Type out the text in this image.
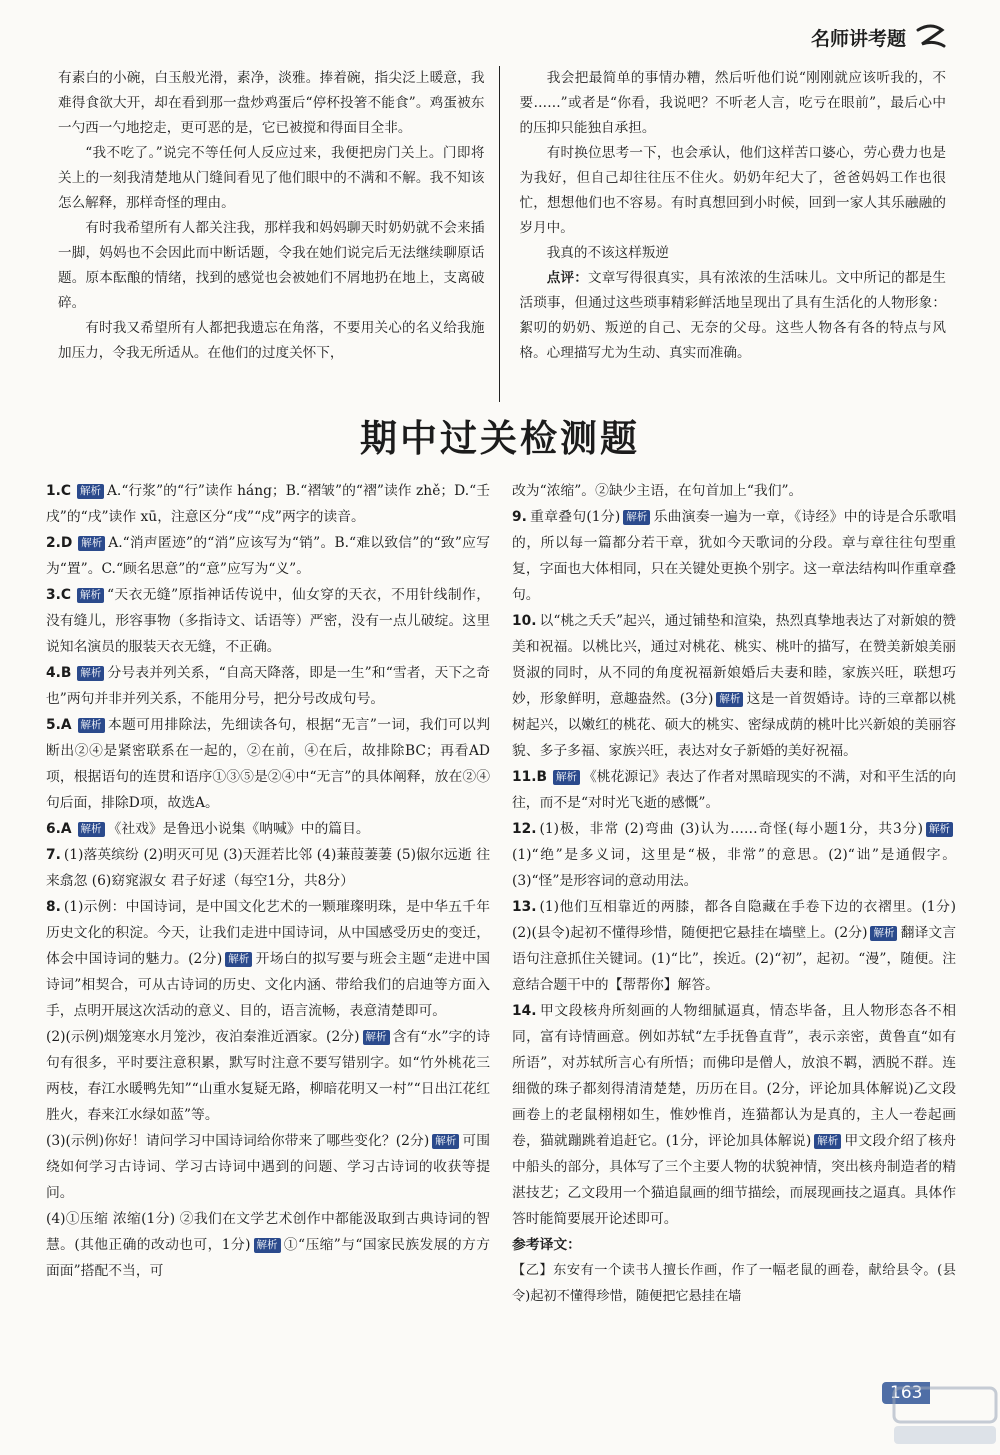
名师讲考题

有素白的小碗，白玉般光滑，素净，淡雅。捧着碗，指尖泛上暖意，我难得食欲大开，却在看到那一盘炒鸡蛋后“停杯投箸不能食”。鸡蛋被东一勺西一勺地挖走，更可恶的是，它已被搅和得面目全非。

“我不吃了。”说完不等任何人反应过来，我便把房门关上。门即将关上的一刻我清楚地从门缝间看见了他们眼中的不满和不解。我不知该怎么解释，那样奇怪的理由。

有时我希望所有人都关注我，那样我和妈妈聊天时奶奶就不会来插一脚，妈妈也不会因此而中断话题，令我在她们说完后无法继续聊原话题。原本酝酿的情绪，找到的感觉也会被她们不屑地扔在地上，支离破碎。

有时我又希望所有人都把我遗忘在角落，不要用关心的名义给我施加压力，令我无所适从。在他们的过度关怀下，

我会把最简单的事情办糟，然后听他们说“刚刚就应该听我的，不要……”或者是“你看，我说吧？不听老人言，吃亏在眼前”，最后心中的压抑只能独自承担。

有时换位思考一下，也会承认，他们这样苦口婆心，劳心费力也是为我好，但自己却往往压不住火。奶奶年纪大了，爸爸妈妈工作也很忙，想想他们也不容易。有时真想回到小时候，回到一家人其乐融融的岁月中。

我真的不该这样叛逆

点评：文章写得很真实，具有浓浓的生活味儿。文中所记的都是生活琐事，但通过这些琐事精彩鲜活地呈现出了具有生活化的人物形象：絮叨的奶奶、叛逆的自己、无奈的父母。这些人物各有各的特点与风格。心理描写尤为生动、真实而准确。

期中过关检测题

1.C 解析 A.“行浆”的“行”读作 háng；B.“褶皱”的“褶”读作 zhě；D.“壬戌”的“戌”读作 xū，注意区分“戌”“戍”两字的读音。

2.D 解析 A.“消声匿迹”的“消”应该写为“销”。B.“难以致信”的“致”应写为“置”。C.“顾名思意”的“意”应写为“义”。

3.C 解析 “天衣无缝”原指神话传说中，仙女穿的天衣，不用针线制作，没有缝儿，形容事物（多指诗文、话语等）严密，没有一点儿破绽。这里说知名演员的服装天衣无缝，不正确。

4.B 解析 分号表并列关系，“自高天降落，即是一生”和“雪者，天下之奇也”两句并非并列关系，不能用分号，把分号改成句号。

5.A 解析 本题可用排除法，先细读各句，根据“无言”一词，我们可以判断出②④是紧密联系在一起的，②在前，④在后，故排除BC；再看AD项，根据语句的连贯和语序①③⑤是②④中“无言”的具体阐释，放在②④句后面，排除D项，故选A。

6.A 解析 《社戏》是鲁迅小说集《呐喊》中的篇目。

7. (1)落英缤纷 (2)明灭可见 (3)天涯若比邻 (4)蒹葭萋萋 (5)俶尔远逝 往来翕忽 (6)窈窕淑女 君子好逑（每空1分，共8分）

8. (1)示例：中国诗词，是中国文化艺术的一颗璀璨明珠，是中华五千年历史文化的积淀。今天，让我们走进中国诗词，从中国感受历史的变迁，体会中国诗词的魅力。(2分) 解析 开场白的拟写要与班会主题“走进中国诗词”相契合，可从古诗词的历史、文化内涵、带给我们的启迪等方面入手，点明开展这次活动的意义、目的，语言流畅，表意清楚即可。

(2)(示例)烟笼寒水月笼沙，夜泊秦淮近酒家。(2分) 解析 含有“水”字的诗句有很多，平时要注意积累，默写时注意不要写错别字。如“竹外桃花三两枝，春江水暖鸭先知”“山重水复疑无路，柳暗花明又一村”“日出江花红胜火，春来江水绿如蓝”等。

(3)(示例)你好！请问学习中国诗词给你带来了哪些变化？(2分) 解析 可围绕如何学习古诗词、学习古诗词中遇到的问题、学习古诗词的收获等提问。

(4)①压缩 浓缩(1分) ②我们在文学艺术创作中都能汲取到古典诗词的智慧。(其他正确的改动也可，1分) 解析 ①“压缩”与“国家民族发展的方方面面”搭配不当，可

改为“浓缩”。②缺少主语，在句首加上“我们”。

9. 重章叠句(1分) 解析 乐曲演奏一遍为一章，《诗经》中的诗是合乐歌唱的，所以每一篇都分若干章，犹如今天歌词的分段。章与章往往句型重复，字面也大体相同，只在关键处更换个别字。这一章法结构叫作重章叠句。

10. 以“桃之夭夭”起兴，通过铺垫和渲染，热烈真挚地表达了对新娘的赞美和祝福。以桃比兴，通过对桃花、桃实、桃叶的描写，在赞美新娘美丽贤淑的同时，从不同的角度祝福新娘婚后夫妻和睦，家族兴旺，联想巧妙，形象鲜明，意趣盎然。(3分) 解析 这是一首贺婚诗。诗的三章都以桃树起兴，以嫩红的桃花、硕大的桃实、密绿成荫的桃叶比兴新娘的美丽容貌、多子多福、家族兴旺，表达对女子新婚的美好祝福。

11.B 解析 《桃花源记》表达了作者对黑暗现实的不满，对和平生活的向往，而不是“对时光飞逝的感慨”。

12. (1)极，非常 (2)弯曲 (3)认为……奇怪(每小题1分，共3分) 解析(1)“绝”是多义词，这里是“极，非常”的意思。(2)“诎”是通假字。(3)“怪”是形容词的意动用法。

13. (1)他们互相靠近的两膝，都各自隐藏在手卷下边的衣褶里。(1分)(2)(县令)起初不懂得珍惜，随便把它悬挂在墙壁上。(2分) 解析 翻译文言语句注意抓住关键词。(1)“比”，挨近。(2)“初”，起初。“漫”，随便。注意结合题干中的【帮帮你】解答。

14. 甲文段核舟所刻画的人物细腻逼真，情态毕备，且人物形态各不相同，富有诗情画意。例如苏轼“左手抚鲁直背”，表示亲密，黄鲁直“如有所语”，对苏轼所言心有所悟；而佛印是僧人，放浪不羁，洒脱不群。连细微的珠子都刻得清清楚楚，历历在目。(2分，评论加具体解说)乙文段画卷上的老鼠栩栩如生，惟妙惟肖，连猫都认为是真的，主人一卷起画卷，猫就蹦跳着追赶它。(1分，评论加具体解说) 解析 甲文段介绍了核舟中船头的部分，具体写了三个主要人物的状貌神情，突出核舟制造者的精湛技艺；乙文段用一个猫追鼠画的细节描绘，而展现画技之逼真。具体作答时能简要展开论述即可。

参考译文：

【乙】东安有一个读书人擅长作画，作了一幅老鼠的画卷，献给县令。(县令)起初不懂得珍惜，随便把它悬挂在墙

163
